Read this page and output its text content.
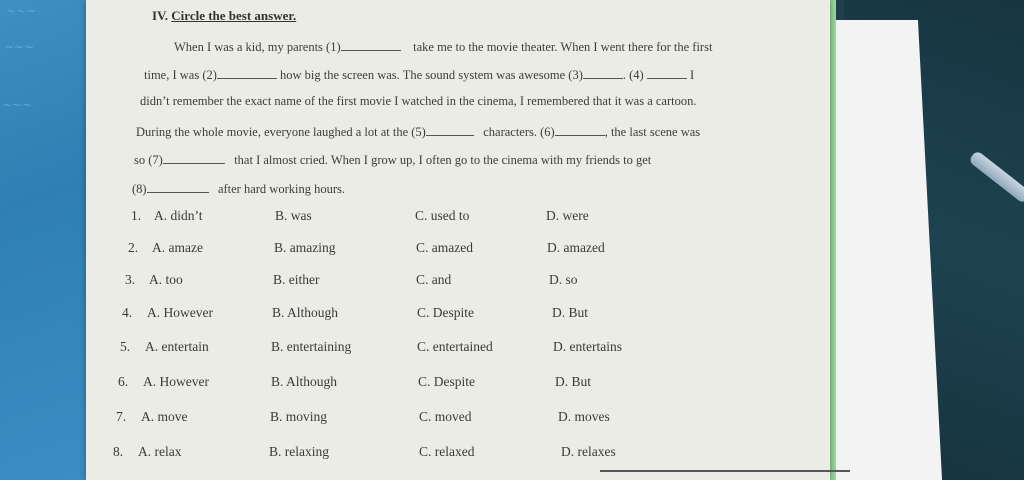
~~~
~~~
~~~
IV. Circle the best answer.
When I was a kid, my parents (1)	take me to the movie theater. When I went there for the first
time, I was (2)	how big the screen was. The sound system was awesome (3)	. (4)	I
didn’t remember the exact name of the first movie I watched in the cinema, I remembered that it was a cartoon.
During the whole movie, everyone laughed a lot at the (5)	characters. (6)	, the last scene was
so (7)	that I almost cried. When I grow up, I often go to the cinema with my friends to get
(8)	after hard working hours.
1. A. didn’t	B. was	C. used to	D. were
2. A. amaze	B. amazing	C. amazed	D. amazed
3. A. too	B. either	C. and	D. so
4. A. However	B. Although	C. Despite	D. But
5. A. entertain	B. entertaining	C. entertained	D. entertains
6. A. However	B. Although	C. Despite	D. But
7. A. move	B. moving	C. moved	D. moves
8. A. relax	B. relaxing	C. relaxed	D. relaxes
